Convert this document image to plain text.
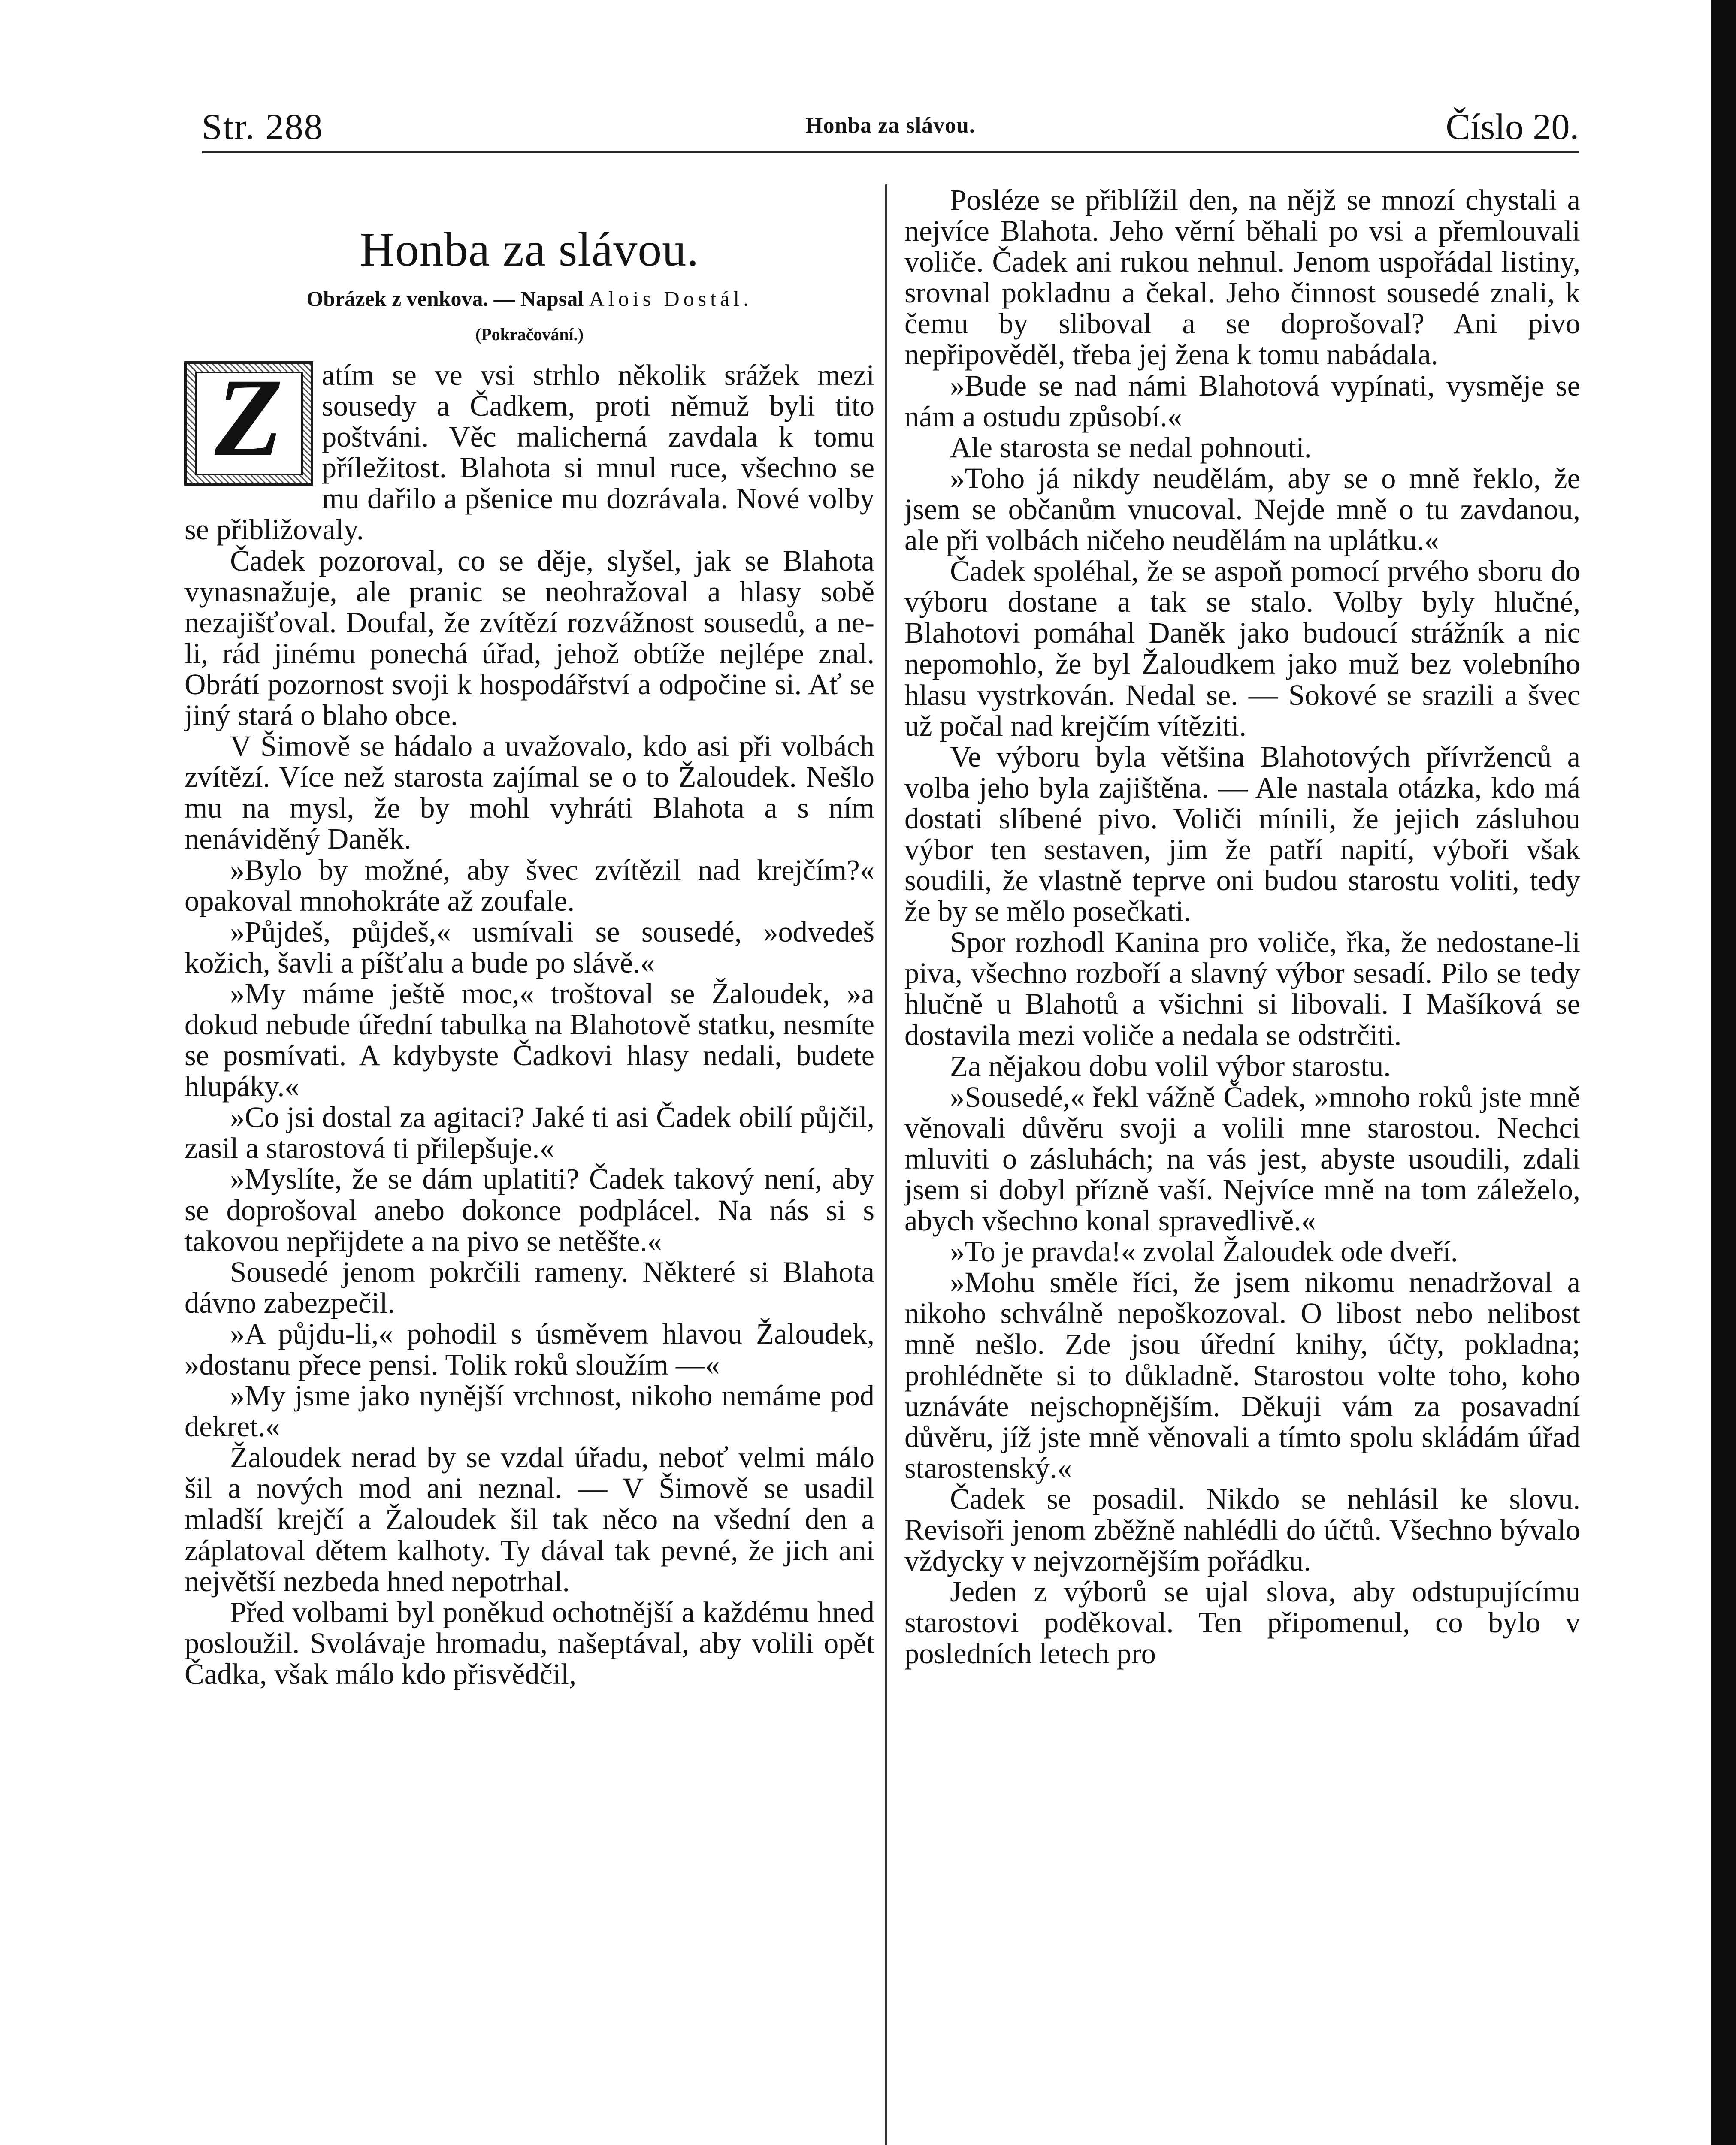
Str. 288	Honba za slávou.	Číslo 20.
Honba za slávou.
Obrázek z venkova. — Napsal Alois Dostál.
(Pokračování.)

Z	atím se ve vsi strhlo několik srážek mezi sousedy a Čadkem, proti němuž byli tito poštváni. Věc malicherná zavdala k tomu příležitost. Blahota si mnul ruce, všechno se mu dařilo a pšenice mu dozrávala. Nové volby se přibližovaly.

Čadek pozoroval, co se děje, slyšel, jak se Blahota vynasnažuje, ale pranic se neohražoval a hlasy sobě nezajišťoval. Doufal, že zvítězí rozvážnost sousedů, a ne-li, rád jinému ponechá úřad, jehož obtíže nejlépe znal. Obrátí pozornost svoji k hospodářství a odpočine si. Ať se jiný stará o blaho obce.

V Šimově se hádalo a uvažovalo, kdo asi při volbách zvítězí. Více než starosta zajímal se o to Žaloudek. Nešlo mu na mysl, že by mohl vyhráti Blahota a s ním nenáviděný Daněk.

»Bylo by možné, aby švec zvítězil nad krejčím?« opakoval mnohokráte až zoufale.

»Půjdeš, půjdeš,« usmívali se sousedé, »odvedeš kožich, šavli a píšťalu a bude po slávě.«

»My máme ještě moc,« troštoval se Žaloudek, »a dokud nebude úřední tabulka na Blahotově statku, nesmíte se posmívati. A kdybyste Čadkovi hlasy nedali, budete hlupáky.«

»Co jsi dostal za agitaci? Jaké ti asi Čadek obilí půjčil, zasil a starostová ti přilepšuje.«

»Myslíte, že se dám uplatiti? Čadek takový není, aby se doprošoval anebo dokonce podplácel. Na nás si s takovou nepřijdete a na pivo se netěšte.«

Sousedé jenom pokrčili rameny. Některé si Blahota dávno zabezpečil.

»A půjdu-li,« pohodil s úsměvem hlavou Žaloudek, »dostanu přece pensi. Tolik roků sloužím —«

»My jsme jako nynější vrchnost, nikoho nemáme pod dekret.«

Žaloudek nerad by se vzdal úřadu, neboť velmi málo šil a nových mod ani neznal. — V Šimově se usadil mladší krejčí a Žaloudek šil tak něco na všední den a záplatoval dětem kalhoty. Ty dával tak pevné, že jich ani největší nezbeda hned nepotrhal.

Před volbami byl poněkud ochotnější a každému hned posloužil. Svolávaje hromadu, našeptával, aby volili opět Čadka, však málo kdo přisvědčil,

Posléze se přiblížil den, na nějž se mnozí chystali a nejvíce Blahota. Jeho věrní běhali po vsi a přemlouvali voliče. Čadek ani rukou nehnul. Jenom uspořádal listiny, srovnal pokladnu a čekal. Jeho činnost sousedé znali, k čemu by sliboval a se doprošoval? Ani pivo nepřipověděl, třeba jej žena k tomu nabádala.

»Bude se nad námi Blahotová vypínati, vysměje se nám a ostudu způsobí.«

Ale starosta se nedal pohnouti.

»Toho já nikdy neudělám, aby se o mně řeklo, že jsem se občanům vnucoval. Nejde mně o tu zavdanou, ale při volbách ničeho neudělám na uplátku.«

Čadek spoléhal, že se aspoň pomocí prvého sboru do výboru dostane a tak se stalo. Volby byly hlučné, Blahotovi pomáhal Daněk jako budoucí strážník a nic nepomohlo, že byl Žaloudkem jako muž bez volebního hlasu vystrkován. Nedal se. — Sokové se srazili a švec už počal nad krejčím vítěziti.

Ve výboru byla většina Blahotových přívrženců a volba jeho byla zajištěna. — Ale nastala otázka, kdo má dostati slíbené pivo. Voliči mínili, že jejich zásluhou výbor ten sestaven, jim že patří napití, výboři však soudili, že vlastně teprve oni budou starostu voliti, tedy že by se mělo posečkati.

Spor rozhodl Kanina pro voliče, řka, že nedostane-li piva, všechno rozboří a slavný výbor sesadí. Pilo se tedy hlučně u Blahotů a všichni si libovali. I Mašíková se dostavila mezi voliče a nedala se odstrčiti.

Za nějakou dobu volil výbor starostu.

»Sousedé,« řekl vážně Čadek, »mnoho roků jste mně věnovali důvěru svoji a volili mne starostou. Nechci mluviti o zásluhách; na vás jest, abyste usoudili, zdali jsem si dobyl přízně vaší. Nejvíce mně na tom záleželo, abych všechno konal spravedlivě.«

»To je pravda!« zvolal Žaloudek ode dveří.

»Mohu směle říci, že jsem nikomu nenadržoval a nikoho schválně nepoškozoval. O libost nebo nelibost mně nešlo. Zde jsou úřední knihy, účty, pokladna; prohlédněte si to důkladně. Starostou volte toho, koho uznáváte nejschopnějším. Děkuji vám za posavadní důvěru, jíž jste mně věnovali a tímto spolu skládám úřad starostenský.«

Čadek se posadil. Nikdo se nehlásil ke slovu. Revisoři jenom zběžně nahlédli do účtů. Všechno bývalo vždycky v nejvzornějším pořádku.

Jeden z výborů se ujal slova, aby odstupujícímu starostovi poděkoval. Ten připomenul, co bylo v posledních letech pro
